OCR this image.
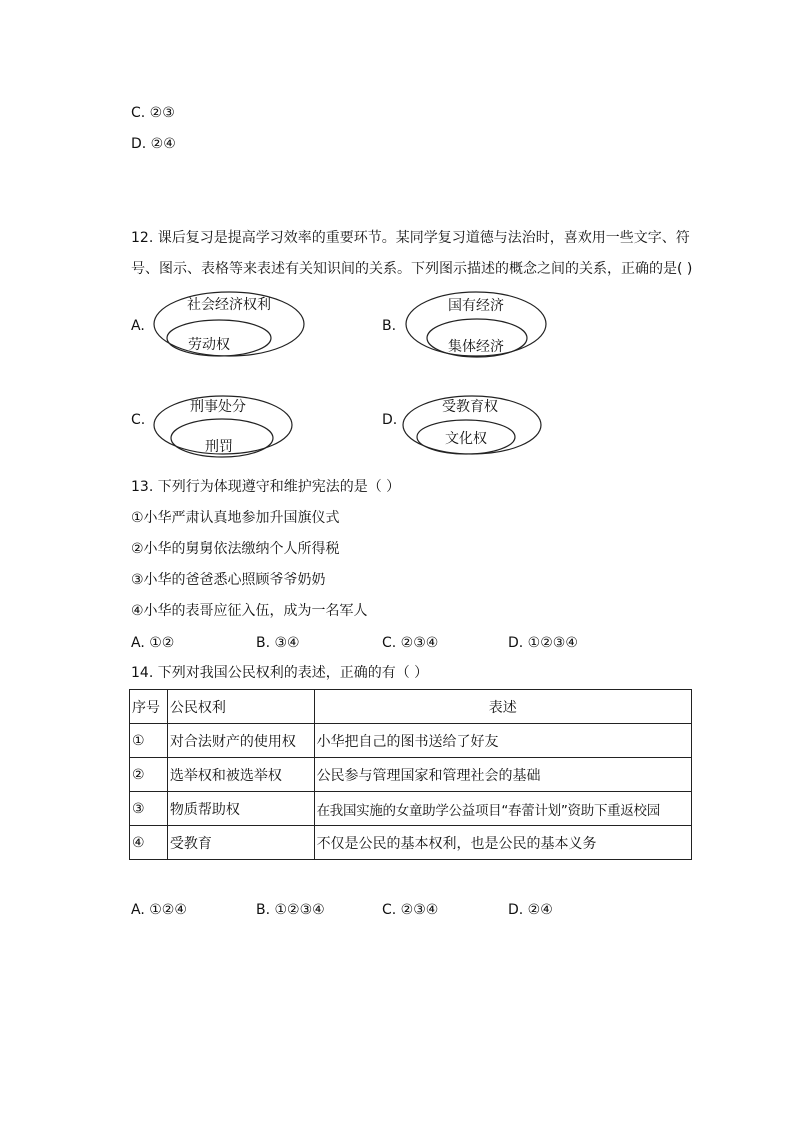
C. ②③
D. ②④
12. 课后复习是提高学习效率的重要环节。某同学复习道德与法治时，喜欢用一些文字、符
号、图示、表格等来表述有关知识间的关系。下列图示描述的概念之间的关系，正确的是( )
A.
社会经济权利
劳动权
B.
国有经济
集体经济
C.
刑事处分
刑罚
D.
受教育权
文化权
13. 下列行为体现遵守和维护宪法的是（ ）
①小华严肃认真地参加升国旗仪式
②小华的舅舅依法缴纳个人所得税
③小华的爸爸悉心照顾爷爷奶奶
④小华的表哥应征入伍，成为一名军人
A. ①②	B. ③④	C. ②③④	D. ①②③④
14. 下列对我国公民权利的表述，正确的有（ ）
序号	公民权利	表述
①	对合法财产的使用权	小华把自己的图书送给了好友
②	选举权和被选举权	公民参与管理国家和管理社会的基础
③	物质帮助权	在我国实施的女童助学公益项目“春蕾计划”资助下重返校园
④	受教育	不仅是公民的基本权利，也是公民的基本义务
A. ①②④	B. ①②③④	C. ②③④	D. ②④
